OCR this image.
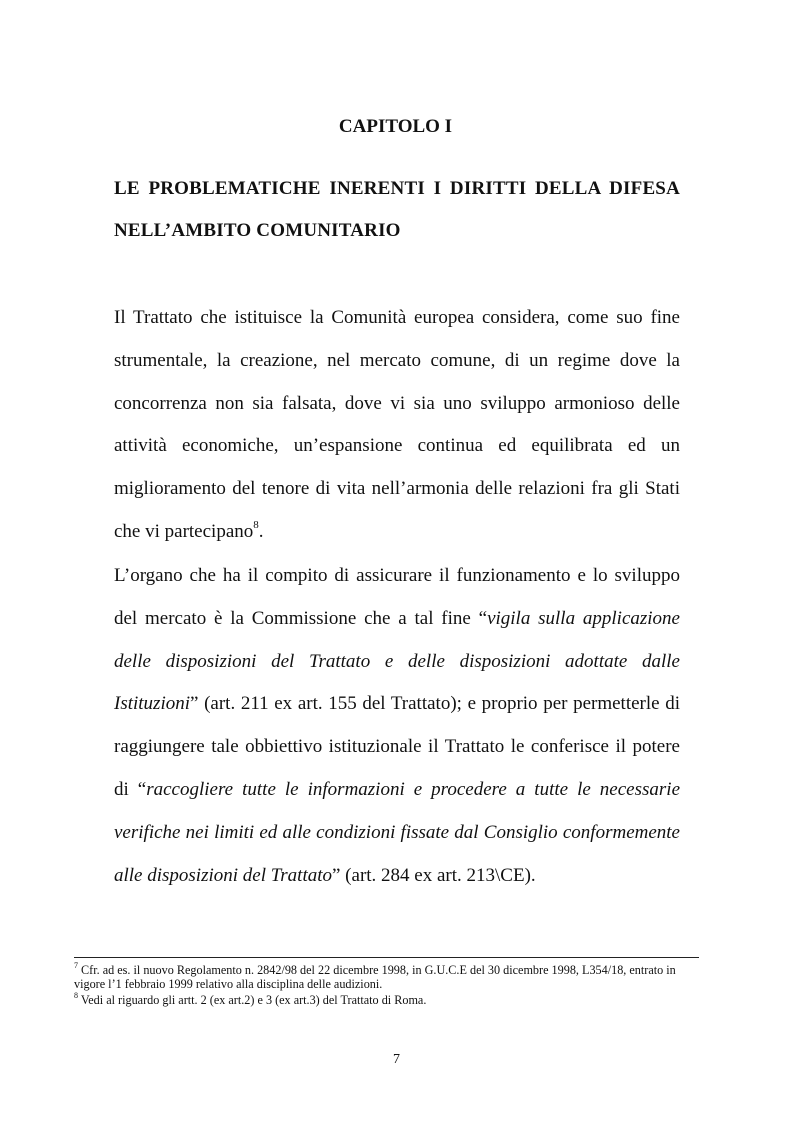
CAPITOLO I
LE PROBLEMATICHE INERENTI I DIRITTI DELLA DIFESA
NELL’AMBITO COMUNITARIO

Il Trattato che istituisce la Comunità europea considera, come suo fine strumentale, la creazione, nel mercato comune, di un regime dove la concorrenza non sia falsata, dove vi sia uno sviluppo armonioso delle attività economiche, un’espansione continua ed equilibrata ed un miglioramento del tenore di vita nell’armonia delle relazioni fra gli Stati che vi partecipano$^8$.

L’organo che ha il compito di assicurare il funzionamento e lo sviluppo del mercato è la Commissione che a tal fine “vigila sulla applicazione delle disposizioni del Trattato e delle disposizioni adottate dalle Istituzioni” (art. 211 ex art. 155 del Trattato); e proprio per permetterle di raggiungere tale obbiettivo istituzionale il Trattato le conferisce il potere di “raccogliere tutte le informazioni e procedere a tutte le necessarie verifiche nei limiti ed alle condizioni fissate dal Consiglio conformemente alle disposizioni del Trattato” (art. 284 ex art. 213\CE).

$^7$ Cfr. ad es. il nuovo Regolamento n. 2842/98 del 22 dicembre 1998, in G.U.C.E del 30 dicembre 1998, L354/18, entrato in vigore l’1 febbraio 1999 relativo alla disciplina delle audizioni.

$^8$ Vedi al riguardo gli artt. 2 (ex art.2) e 3 (ex art.3) del Trattato di Roma.

7
